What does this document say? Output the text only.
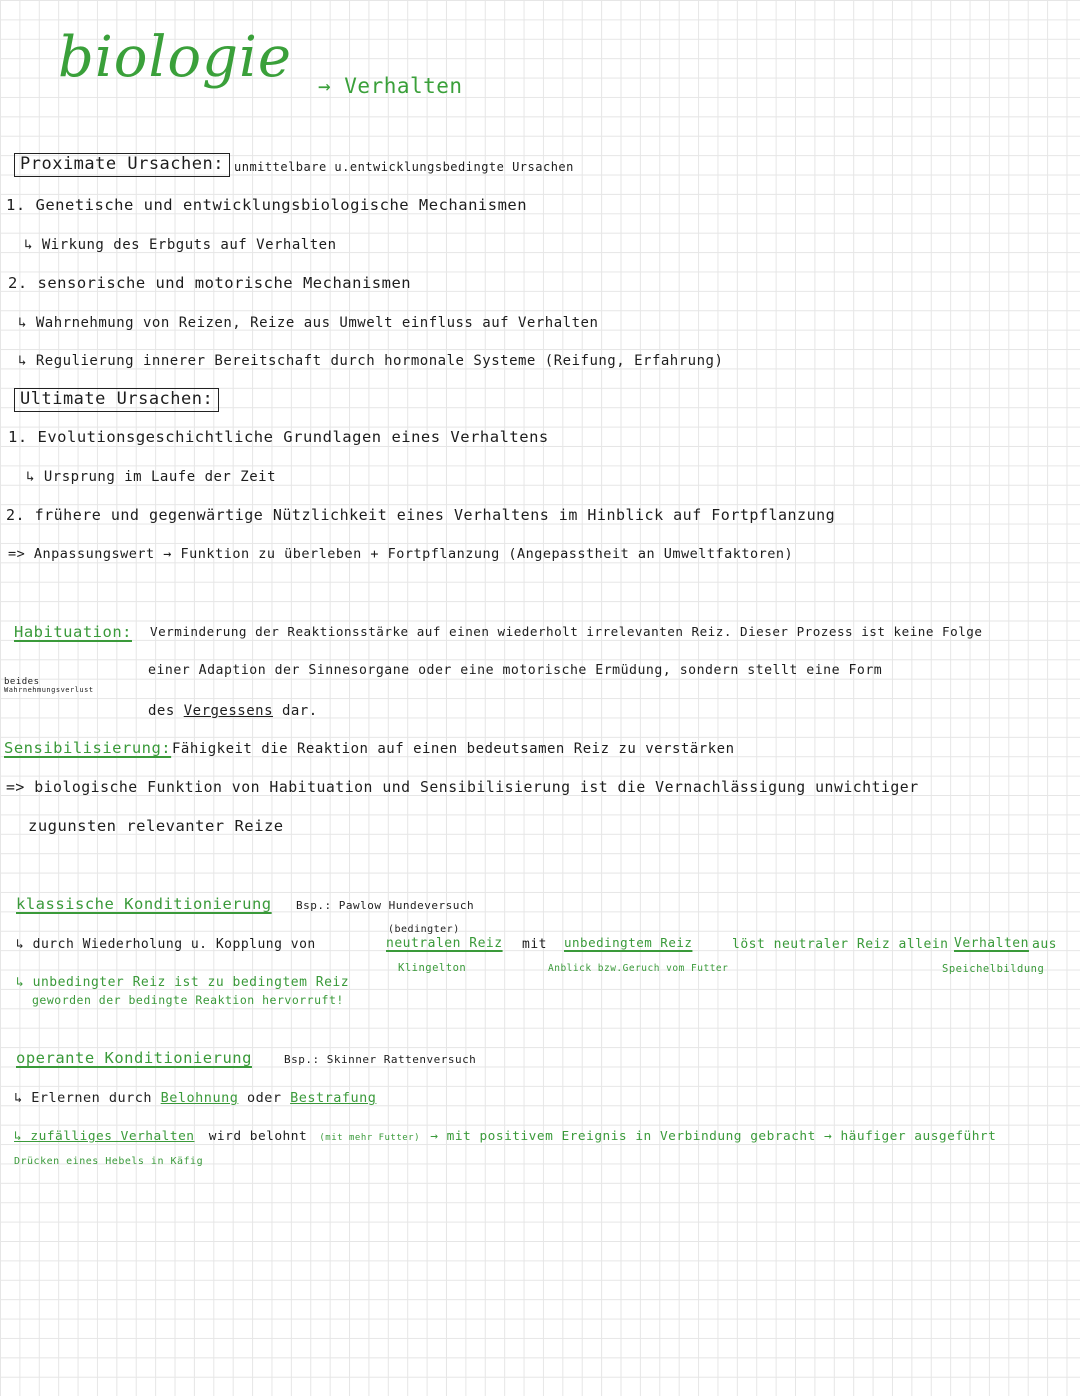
biologie → Verhalten
Proximate Ursachen: unmittelbare u.entwicklungsbedingte Ursachen
1. Genetische und entwicklungsbiologische Mechanismen
↳ Wirkung des Erbguts auf Verhalten
2. sensorische und motorische Mechanismen
↳ Wahrnehmung von Reizen, Reize aus Umwelt einfluss auf Verhalten
↳ Regulierung innerer Bereitschaft durch hormonale Systeme (Reifung, Erfahrung)
Ultimate Ursachen:
1. Evolutionsgeschichtliche Grundlagen eines Verhaltens
↳ Ursprung im Laufe der Zeit
2. frühere und gegenwärtige Nützlichkeit eines Verhaltens im Hinblick auf Fortpflanzung
=> Anpassungswert → Funktion zu überleben + Fortpflanzung (Angepasstheit an Umweltfaktoren)
Habituation: Verminderung der Reaktionsstärke auf einen wiederholt irrelevanten Reiz. Dieser Prozess ist keine Folge
einer Adaption der Sinnesorgane oder eine motorische Ermüdung, sondern stellt eine Form
beides
Wahrnehmungsverlust
des Vergessens dar.
Sensibilisierung: Fähigkeit die Reaktion auf einen bedeutsamen Reiz zu verstärken
=> biologische Funktion von Habituation und Sensibilisierung ist die Vernachlässigung unwichtiger
zugunsten relevanter Reize
klassische Konditionierung Bsp.: Pawlow Hundeversuch
↳ durch Wiederholung u. Kopplung von
(bedingter)
neutralen Reiz
Klingelton
mit unbedingtem Reiz
Anblick bzw.Geruch vom Futter
löst neutraler Reiz allein Verhalten aus
Speichelbildung
↳ unbedingter Reiz ist zu bedingtem Reiz
geworden der bedingte Reaktion hervorruft!
operante Konditionierung	Bsp.: Skinner Rattenversuch
↳ Erlernen durch Belohnung oder Bestrafung
↳ zufälliges Verhalten wird belohnt (mit mehr Futter) → mit positivem Ereignis in Verbindung gebracht → häufiger ausgeführt
Drücken eines Hebels in Käfig
